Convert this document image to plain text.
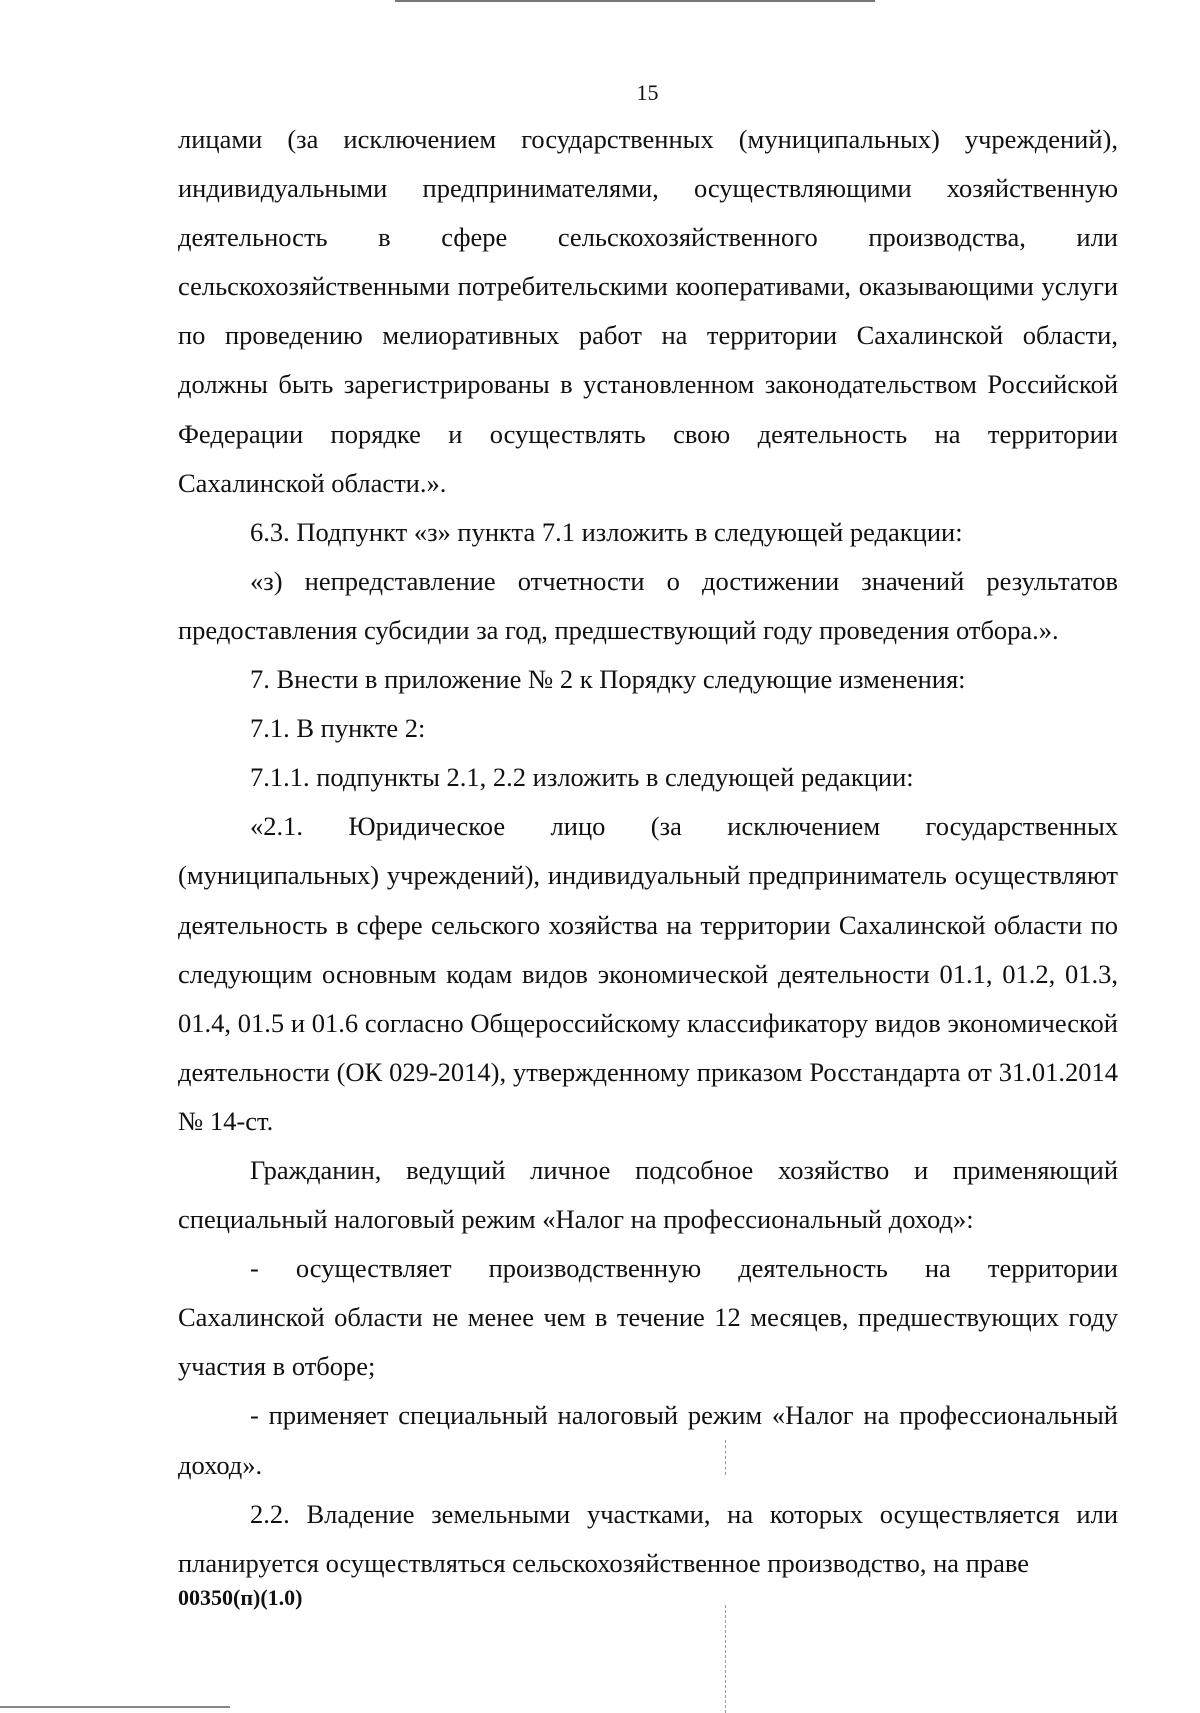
15

лицами (за исключением государственных (муниципальных) учреждений), индивидуальными предпринимателями, осуществляющими хозяйственную деятельность в сфере сельскохозяйственного производства, или сельскохозяйственными потребительскими кооперативами, оказывающими услуги по проведению мелиоративных работ на территории Сахалинской области, должны быть зарегистрированы в установленном законодательством Российской Федерации порядке и осуществлять свою деятельность на территории Сахалинской области.».

6.3. Подпункт «з» пункта 7.1 изложить в следующей редакции:

«з) непредставление отчетности о достижении значений результатов предоставления субсидии за год, предшествующий году проведения отбора.».

7. Внести в приложение № 2 к Порядку следующие изменения:

7.1. В пункте 2:

7.1.1. подпункты 2.1, 2.2 изложить в следующей редакции:

«2.1. Юридическое лицо (за исключением государственных (муниципальных) учреждений), индивидуальный предприниматель осуществляют деятельность в сфере сельского хозяйства на территории Сахалинской области по следующим основным кодам видов экономической деятельности 01.1, 01.2, 01.3, 01.4, 01.5 и 01.6 согласно Общероссийскому классификатору видов экономической деятельности (ОК 029-2014), утвержденному приказом Росстандарта от 31.01.2014 № 14-ст.

Гражданин, ведущий личное подсобное хозяйство и применяющий специальный налоговый режим «Налог на профессиональный доход»:

- осуществляет производственную деятельность на территории Сахалинской области не менее чем в течение 12 месяцев, предшествующих году участия в отборе;

- применяет специальный налоговый режим «Налог на профессиональный доход».

2.2. Владение земельными участками, на которых осуществляется или планируется осуществляться сельскохозяйственное производство, на праве

00350(п)(1.0)
